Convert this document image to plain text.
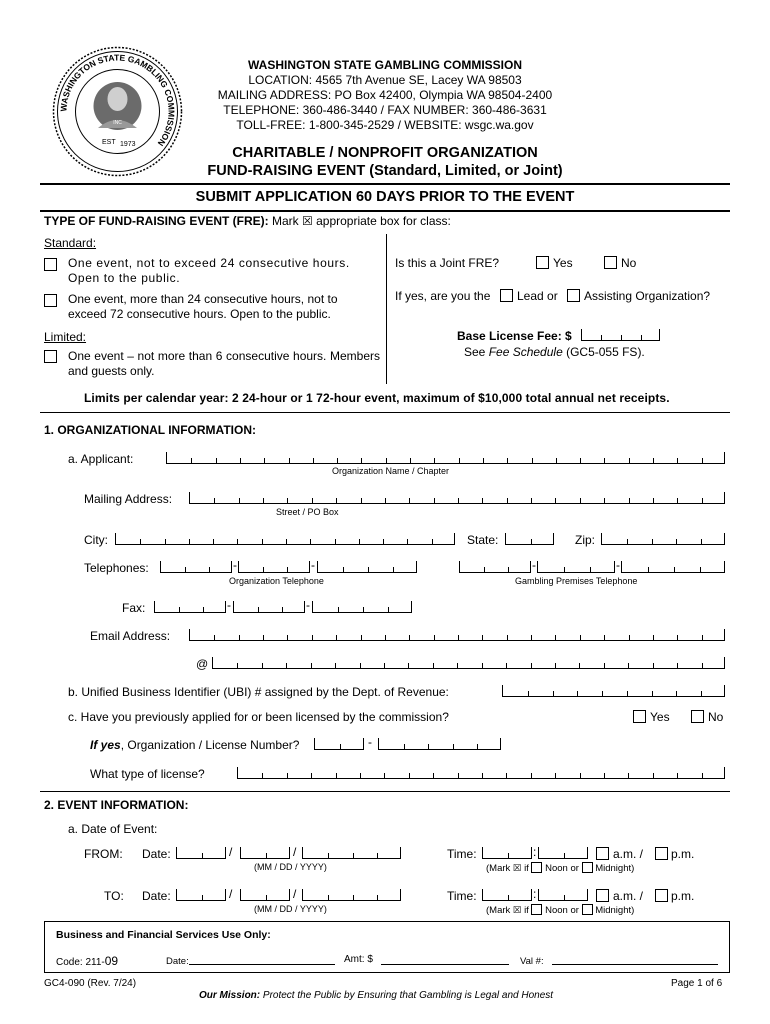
WASHINGTON STATE GAMBLING COMMISSION
INC
EST 1973
WASHINGTON STATE GAMBLING COMMISSION
LOCATION: 4565 7th Avenue SE, Lacey WA 98503
MAILING ADDRESS: PO Box 42400, Olympia WA 98504-2400
TELEPHONE: 360-486-3440 / FAX NUMBER: 360-486-3631
TOLL-FREE: 1-800-345-2529 / WEBSITE: wsgc.wa.gov
CHARITABLE / NONPROFIT ORGANIZATION
FUND-RAISING EVENT (Standard, Limited, or Joint)
SUBMIT APPLICATION 60 DAYS PRIOR TO THE EVENT
TYPE OF FUND-RAISING EVENT (FRE): Mark ☒ appropriate box for class:
Standard:
One event, not to exceed 24 consecutive hours. Open to the public.
One event, more than 24 consecutive hours, not to exceed 72 consecutive hours. Open to the public.
Limited:
One event – not more than 6 consecutive hours. Members and guests only.
Is this a Joint FRE?	Yes	No
If yes, are you the Lead or Assisting Organization?
Base License Fee: $
See Fee Schedule (GC5-055 FS).
Limits per calendar year: 2 24-hour or 1 72-hour event, maximum of $10,000 total annual net receipts.
1. ORGANIZATIONAL INFORMATION:
a. Applicant:
Organization Name / Chapter
Mailing Address:
Street / PO Box
City:	State:	Zip:
Telephones:	-	-
Organization Telephone
-	-
Gambling Premises Telephone
Fax:	-	-
Email Address:
@
b. Unified Business Identifier (UBI) # assigned by the Dept. of Revenue:
c. Have you previously applied for or been licensed by the commission?	Yes	No
If yes, Organization / License Number?	-
What type of license?
2. EVENT INFORMATION:
a. Date of Event:
FROM: Date:	/	/
(MM / DD / YYYY)
Time:	:	a.m. / p.m.
(Mark ☒ if Noon or Midnight)
TO: Date:	/	/
(MM / DD / YYYY)
Time:	:	a.m. / p.m.
(Mark ☒ if Noon or Midnight)
Business and Financial Services Use Only:
Code: 211-09	Date:	Amt: $	Val #:
GC4-090 (Rev. 7/24)	Page 1 of 6
Our Mission: Protect the Public by Ensuring that Gambling is Legal and Honest
